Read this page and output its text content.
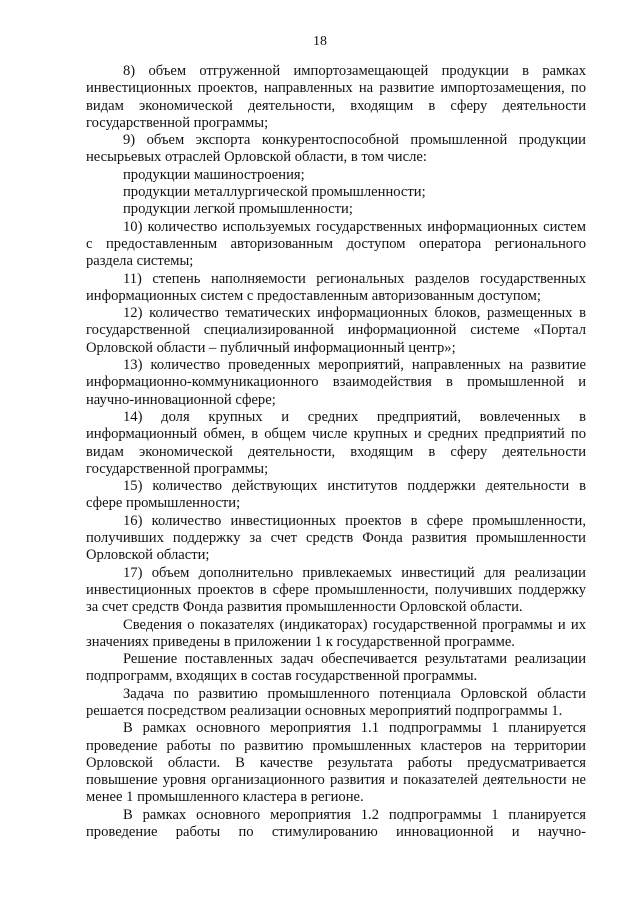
18

8) объем отгруженной импортозамещающей продукции в рамках инвестиционных проектов, направленных на развитие импортозамещения, по видам экономической деятельности, входящим в сферу деятельности государственной программы;

9) объем экспорта конкурентоспособной промышленной продукции несырьевых отраслей Орловской области, в том числе:

продукции машиностроения;

продукции металлургической промышленности;

продукции легкой промышленности;

10) количество используемых государственных информационных систем с предоставленным авторизованным доступом оператора регионального раздела системы;

11) степень наполняемости региональных разделов государственных информационных систем с предоставленным авторизованным доступом;

12) количество тематических информационных блоков, размещенных в государственной специализированной информационной системе «Портал Орловской области – публичный информационный центр»;

13) количество проведенных мероприятий, направленных на развитие информационно-коммуникационного взаимодействия в промышленной и научно-инновационной сфере;

14) доля крупных и средних предприятий, вовлеченных в информационный обмен, в общем числе крупных и средних предприятий по видам экономической деятельности, входящим в сферу деятельности государственной программы;

15) количество действующих институтов поддержки деятельности в сфере промышленности;

16) количество инвестиционных проектов в сфере промышленности, получивших поддержку за счет средств Фонда развития промышленности Орловской области;

17) объем дополнительно привлекаемых инвестиций для реализации инвестиционных проектов в сфере промышленности, получивших поддержку за счет средств Фонда развития промышленности Орловской области.

Сведения о показателях (индикаторах) государственной программы и их значениях приведены в приложении 1 к государственной программе.

Решение поставленных задач обеспечивается результатами реализации подпрограмм, входящих в состав государственной программы.

Задача по развитию промышленного потенциала Орловской области решается посредством реализации основных мероприятий подпрограммы 1.

В рамках основного мероприятия 1.1 подпрограммы 1 планируется проведение работы по развитию промышленных кластеров на территории Орловской области. В качестве результата работы предусматривается повышение уровня организационного развития и показателей деятельности не менее 1 промышленного кластера в регионе.

В рамках основного мероприятия 1.2 подпрограммы 1 планируется проведение работы по стимулированию инновационной и научно-
